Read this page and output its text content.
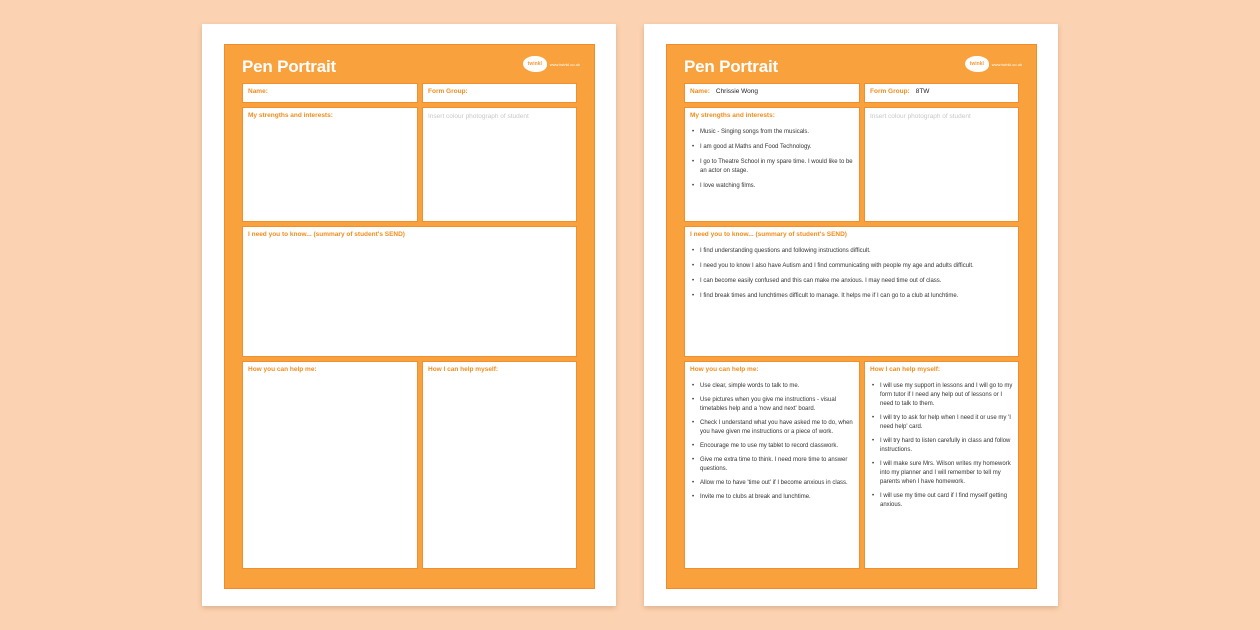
Pen Portrait	twinkl	www.twinkl.co.uk
Name:	Form Group:
My strengths and interests:	Insert colour photograph of student
I need you to know... (summary of student's SEND)
How you can help me:	How I can help myself:
Pen Portrait	twinkl	www.twinkl.co.uk
Name: Chrissie Wong	Form Group: 8TW
My strengths and interests:
• Music - Singing songs from the musicals.
• I am good at Maths and Food Technology.
• I go to Theatre School in my spare time. I would like to be an actor on stage.
• I love watching films.
Insert colour photograph of student
I need you to know... (summary of student's SEND)
• I find understanding questions and following instructions difficult.
• I need you to know I also have Autism and I find communicating with people my age and adults difficult.
• I can become easily confused and this can make me anxious. I may need time out of class.
• I find break times and lunchtimes difficult to manage. It helps me if I can go to a club at lunchtime.
How you can help me:
• Use clear, simple words to talk to me.
• Use pictures when you give me instructions - visual timetables help and a 'now and next' board.
• Check I understand what you have asked me to do, when you have given me instructions or a piece of work.
• Encourage me to use my tablet to record classwork.
• Give me extra time to think. I need more time to answer questions.
• Allow me to have 'time out' if I become anxious in class.
• Invite me to clubs at break and lunchtime.
How I can help myself:
• I will use my support in lessons and I will go to my form tutor if I need any help out of lessons or I need to talk to them.
• I will try to ask for help when I need it or use my 'I need help' card.
• I will try hard to listen carefully in class and follow instructions.
• I will make sure Mrs. Wilson writes my homework into my planner and I will remember to tell my parents when I have homework.
• I will use my time out card if I find myself getting anxious.
